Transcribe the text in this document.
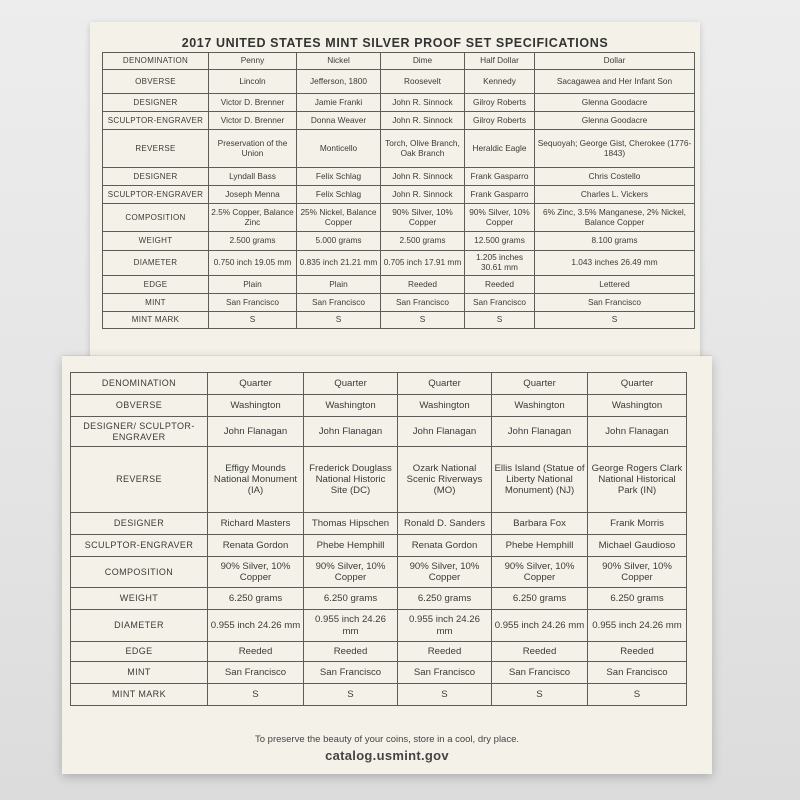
2017 UNITED STATES MINT SILVER PROOF SET SPECIFICATIONS
DENOMINATION	Penny	Nickel	Dime	Half Dollar	Dollar
OBVERSE	Lincoln	Jefferson, 1800	Roosevelt	Kennedy	Sacagawea and Her Infant Son
DESIGNER	Victor D. Brenner	Jamie Franki	John R. Sinnock	Gilroy Roberts	Glenna Goodacre
SCULPTOR-ENGRAVER	Victor D. Brenner	Donna Weaver	John R. Sinnock	Gilroy Roberts	Glenna Goodacre
REVERSE	Preservation of the Union	Monticello	Torch, Olive Branch, Oak Branch	Heraldic Eagle	Sequoyah; George Gist, Cherokee (1776-1843)
DESIGNER	Lyndall Bass	Felix Schlag	John R. Sinnock	Frank Gasparro	Chris Costello
SCULPTOR-ENGRAVER	Joseph Menna	Felix Schlag	John R. Sinnock	Frank Gasparro	Charles L. Vickers
COMPOSITION	2.5% Copper, Balance Zinc	25% Nickel, Balance Copper	90% Silver, 10% Copper	90% Silver, 10% Copper	6% Zinc, 3.5% Manganese, 2% Nickel, Balance Copper
WEIGHT	2.500 grams	5.000 grams	2.500 grams	12.500 grams	8.100 grams
DIAMETER	0.750 inch 19.05 mm	0.835 inch 21.21 mm	0.705 inch 17.91 mm	1.205 inches 30.61 mm	1.043 inches 26.49 mm
EDGE	Plain	Plain	Reeded	Reeded	Lettered
MINT	San Francisco	San Francisco	San Francisco	San Francisco	San Francisco
MINT MARK	S	S	S	S	S
DENOMINATION	Quarter	Quarter	Quarter	Quarter	Quarter
OBVERSE	Washington	Washington	Washington	Washington	Washington
DESIGNER/ SCULPTOR-ENGRAVER	John Flanagan	John Flanagan	John Flanagan	John Flanagan	John Flanagan
REVERSE	Effigy Mounds National Monument (IA)	Frederick Douglass National Historic Site (DC)	Ozark National Scenic Riverways (MO)	Ellis Island (Statue of Liberty National Monument) (NJ)	George Rogers Clark National Historical Park (IN)
DESIGNER	Richard Masters	Thomas Hipschen	Ronald D. Sanders	Barbara Fox	Frank Morris
SCULPTOR-ENGRAVER	Renata Gordon	Phebe Hemphill	Renata Gordon	Phebe Hemphill	Michael Gaudioso
COMPOSITION	90% Silver, 10% Copper	90% Silver, 10% Copper	90% Silver, 10% Copper	90% Silver, 10% Copper	90% Silver, 10% Copper
WEIGHT	6.250 grams	6.250 grams	6.250 grams	6.250 grams	6.250 grams
DIAMETER	0.955 inch 24.26 mm	0.955 inch 24.26 mm	0.955 inch 24.26 mm	0.955 inch 24.26 mm	0.955 inch 24.26 mm
EDGE	Reeded	Reeded	Reeded	Reeded	Reeded
MINT	San Francisco	San Francisco	San Francisco	San Francisco	San Francisco
MINT MARK	S	S	S	S	S
To preserve the beauty of your coins, store in a cool, dry place.
catalog.usmint.gov
